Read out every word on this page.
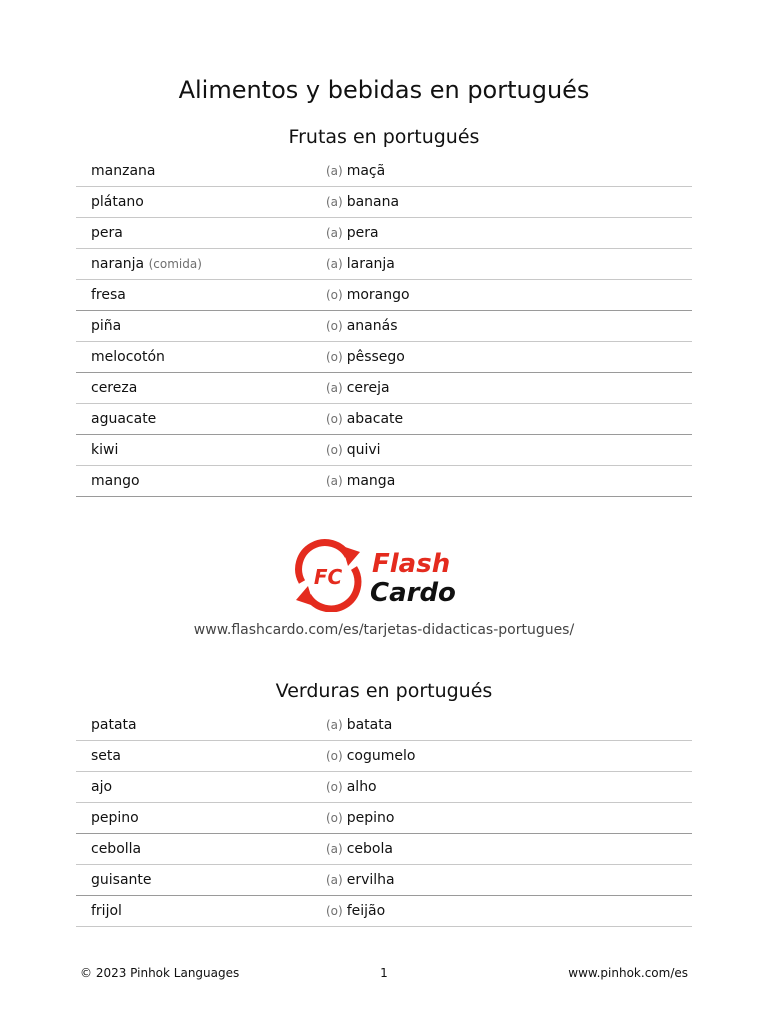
Alimentos y bebidas en portugués
Frutas en portugués
manzana	(a) maçã
plátano	(a) banana
pera	(a) pera
naranja (comida)	(a) laranja
fresa	(o) morango
piña	(o) ananás
melocotón	(o) pêssego
cereza	(a) cereja
aguacate	(o) abacate
kiwi	(o) quivi
mango	(a) manga
FC Flash
Cardo
www.flashcardo.com/es/tarjetas-didacticas-portugues/
Verduras en portugués
patata	(a) batata
seta	(o) cogumelo
ajo	(o) alho
pepino	(o) pepino
cebolla	(a) cebola
guisante	(a) ervilha
frijol	(o) feijão
© 2023 Pinhok Languages	1	www.pinhok.com/es
